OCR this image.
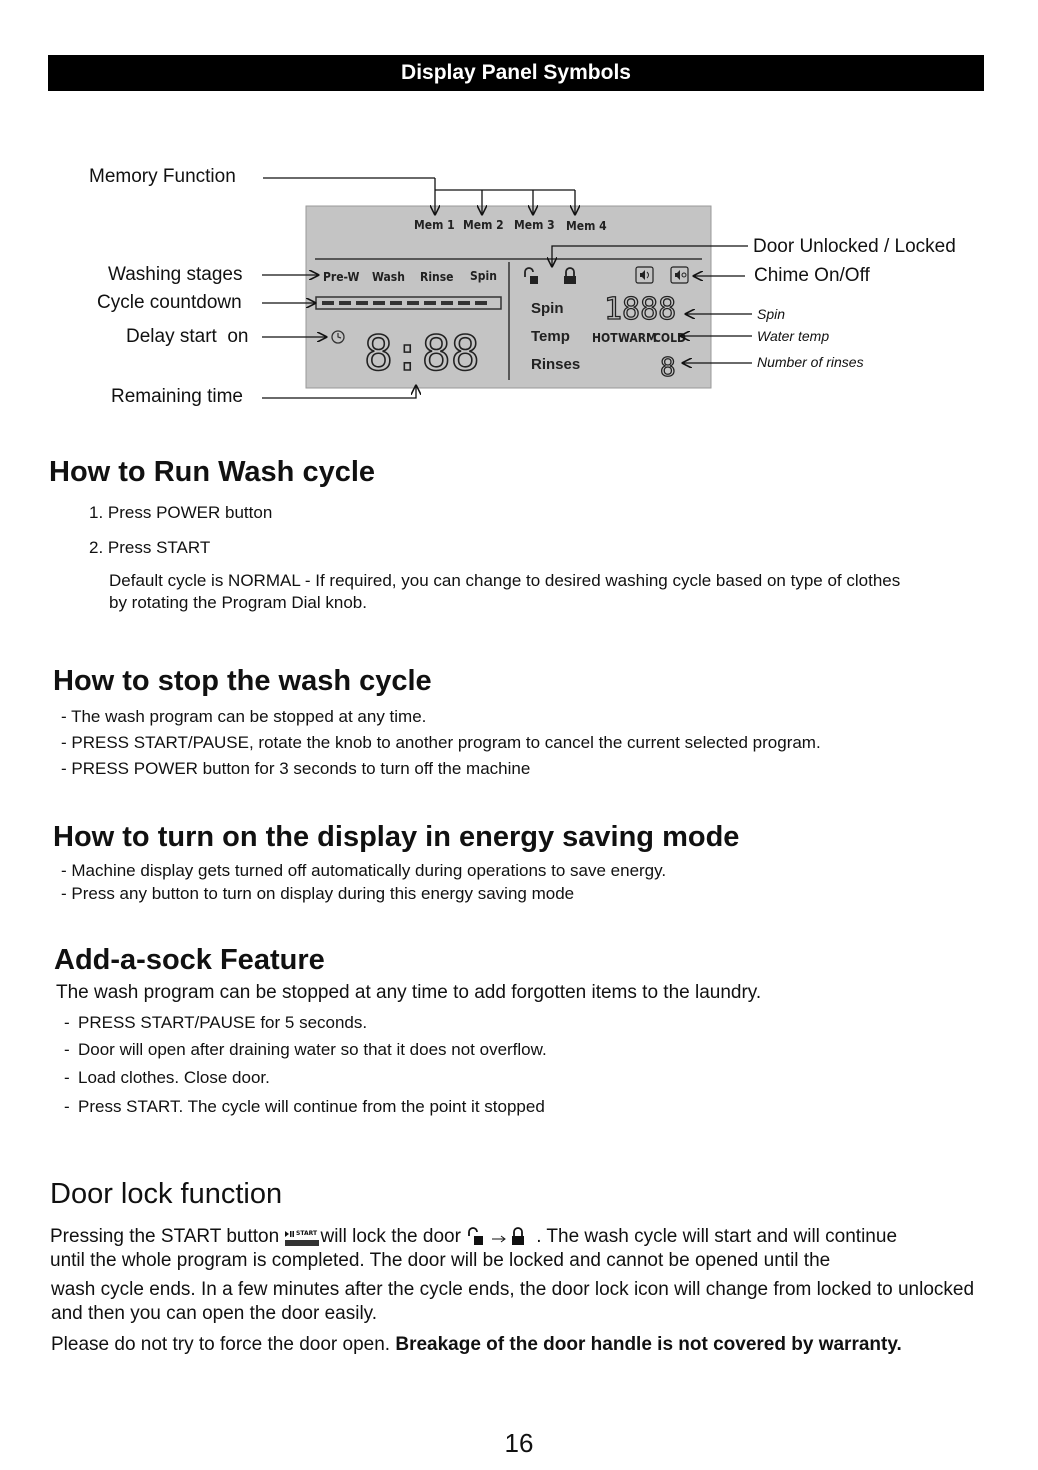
Display Panel Symbols
Mem 1 Mem 2 Mem 3 Mem 4
Pre-W Wash Rinse Spin
8:88
Spin
Temp
Rinses
1888
HOT WARM
COLD
8
Memory Function
Washing stages
Cycle countdown
Delay start  on
Remaining time
Door Unlocked / Locked
Chime On/Off
Spin
Water temp
Number of rinses
How to Run Wash cycle
1. Press POWER button
2. Press START
Default cycle is NORMAL - If required, you can change to desired washing cycle based on type of clothes by rotating the Program Dial knob.
How to stop the wash cycle
- The wash program can be stopped at any time.
- PRESS START/PAUSE, rotate the knob to another program to cancel the current selected program.
- PRESS POWER button for 3 seconds to turn off the machine
How to turn on the display in energy saving mode
- Machine display gets turned off automatically during operations to save energy.
- Press any button to turn on display during this energy saving mode
Add-a-sock Feature
The wash program can be stopped at any time to add forgotten items to the laundry.
- PRESS START/PAUSE for 5 seconds.
- Door will open after draining water so that it does not overflow.
- Load clothes. Close door.
- Press START. The cycle will continue from the point it stopped
Door lock function
Pressing the START button	START will lock the door	. The wash cycle will start and will continue
until the whole program is completed. The door will be locked and cannot be opened until the
wash cycle ends. In a few minutes after the cycle ends, the door lock icon will change from locked to unlocked and then you can open the door easily.
Please do not try to force the door open. Breakage of the door handle is not covered by warranty.
16
